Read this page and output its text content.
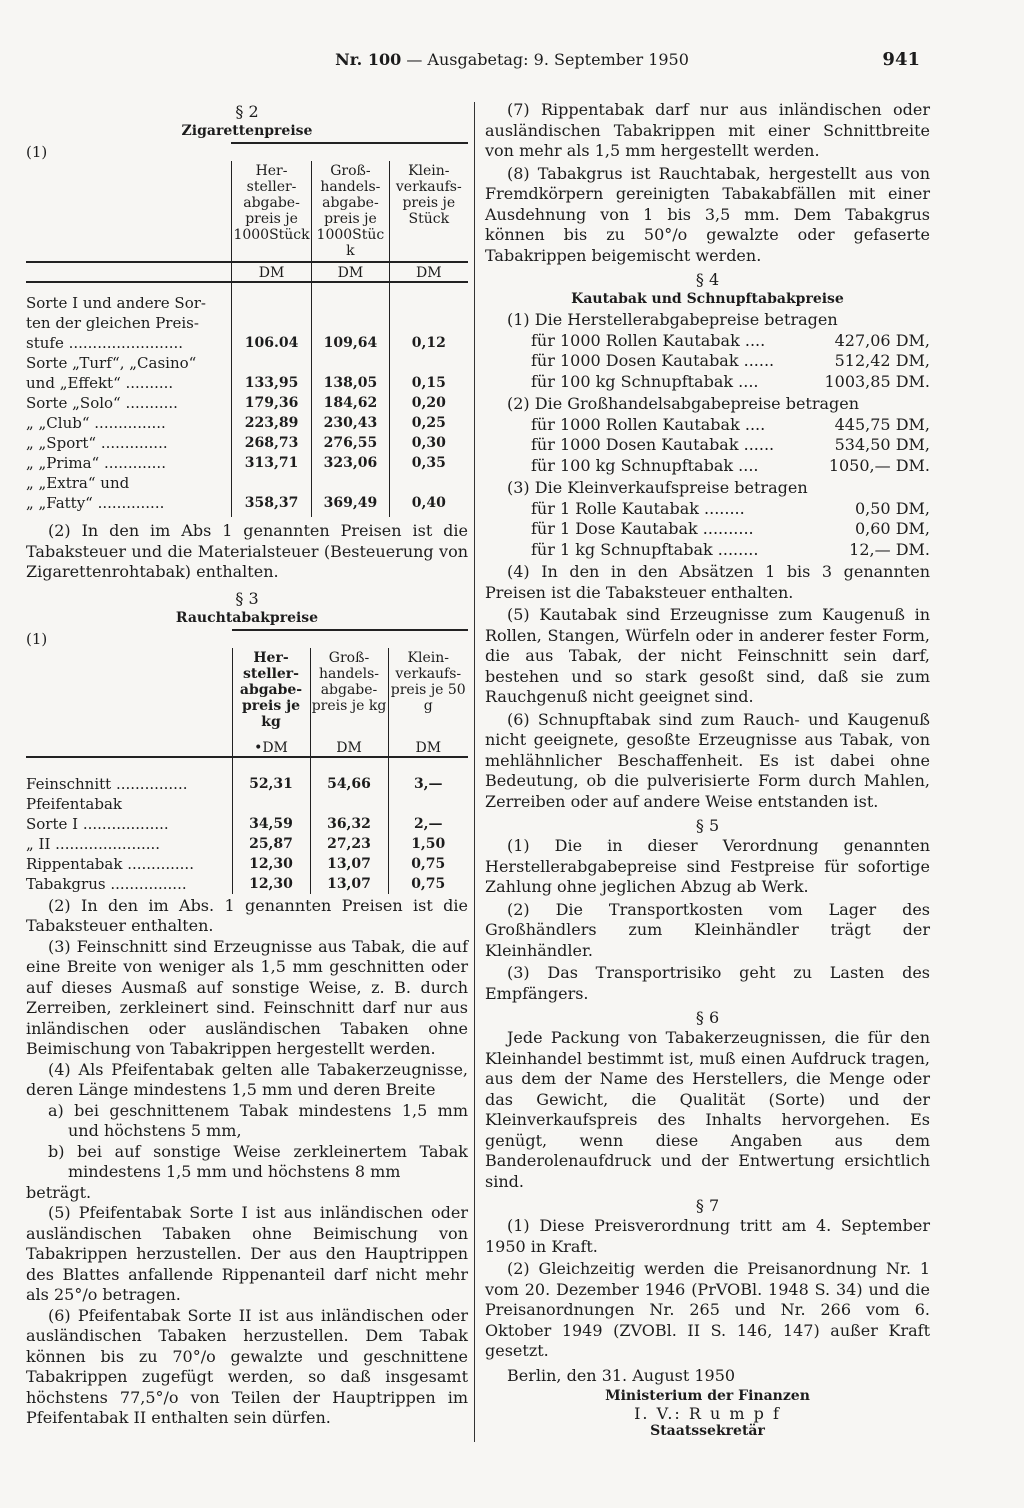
Nr. 100 — Ausgabetag: 9. September 1950	941
§ 2
Zigarettenpreise
(1)			
	Her-steller-abgabe-preis je 1000Stück	Groß-handels-abgabe-preis je 1000Stück	Klein-verkaufs-preis je Stück
	DM	DM	DM

Sorte I und andere Sor-			
ten der gleichen Preis-			
stufe ........................	106.04	109,64	0,12
Sorte „Turf“, „Casino“			
und „Effekt“ ..........	133,95	138,05	0,15
Sorte „Solo“ ...........	179,36	184,62	0,20
„ „Club“ ...............	223,89	230,43	0,25
„ „Sport“ ..............	268,73	276,55	0,30
„ „Prima“ .............	313,71	323,06	0,35
„ „Extra“ und			
„ „Fatty“ ..............	358,37	369,49	0,40

(2) In den im Abs 1 genannten Preisen ist die Tabaksteuer und die Materialsteuer (Besteuerung von Zigarettenrohtabak) enthalten.

§ 3
Rauchtabakpreise
(1)			
	Her-steller-abgabe-preis je kg	Groß-handels-abgabe-preis je kg	Klein-verkaufs-preis je 50 g
	•DM	DM	DM

Feinschnitt ...............	52,31	54,66	3,—
Pfeifentabak			
Sorte I ..................	34,59	36,32	2,—
„ II ......................	25,87	27,23	1,50
Rippentabak ..............	12,30	13,07	0,75
Tabakgrus ................	12,30	13,07	0,75

(2) In den im Abs. 1 genannten Preisen ist die Tabaksteuer enthalten.

(3) Feinschnitt sind Erzeugnisse aus Tabak, die auf eine Breite von weniger als 1,5 mm geschnitten oder auf dieses Ausmaß auf sonstige Weise, z. B. durch Zerreiben, zerkleinert sind. Feinschnitt darf nur aus inländischen oder ausländischen Tabaken ohne Beimischung von Tabakrippen hergestellt werden.

(4) Als Pfeifentabak gelten alle Tabakerzeugnisse, deren Länge mindestens 1,5 mm und deren Breite

a) bei geschnittenem Tabak mindestens 1,5 mm und höchstens 5 mm,

b) bei auf sonstige Weise zerkleinertem Tabak mindestens 1,5 mm und höchstens 8 mm

beträgt.

(5) Pfeifentabak Sorte I ist aus inländischen oder ausländischen Tabaken ohne Beimischung von Tabakrippen herzustellen. Der aus den Hauptrippen des Blattes anfallende Rippenanteil darf nicht mehr als 25°/o betragen.

(6) Pfeifentabak Sorte II ist aus inländischen oder ausländischen Tabaken herzustellen. Dem Tabak können bis zu 70°/o gewalzte und geschnittene Tabakrippen zugefügt werden, so daß insgesamt höchstens 77,5°/o von Teilen der Hauptrippen im Pfeifentabak II enthalten sein dürfen.

(7) Rippentabak darf nur aus inländischen oder ausländischen Tabakrippen mit einer Schnittbreite von mehr als 1,5 mm hergestellt werden.

(8) Tabakgrus ist Rauchtabak, hergestellt aus von Fremdkörpern gereinigten Tabakabfällen mit einer Ausdehnung von 1 bis 3,5 mm. Dem Tabakgrus können bis zu 50°/o gewalzte oder gefaserte Tabakrippen beigemischt werden.

§ 4
Kautabak und Schnupftabakpreise

(1) Die Herstellerabgabepreise betragen

für 1000 Rollen Kautabak ....	427,06 DM,
für 1000 Dosen Kautabak ......	512,42 DM,
für 100 kg Schnupftabak ....	1003,85 DM.

(2) Die Großhandelsabgabepreise betragen

für 1000 Rollen Kautabak ....	445,75 DM,
für 1000 Dosen Kautabak ......	534,50 DM,
für 100 kg Schnupftabak ....	1050,— DM.

(3) Die Kleinverkaufspreise betragen

für 1 Rolle Kautabak ........	0,50 DM,
für 1 Dose Kautabak ..........	0,60 DM,
für 1 kg Schnupftabak ........	12,— DM.

(4) In den in den Absätzen 1 bis 3 genannten Preisen ist die Tabaksteuer enthalten.

(5) Kautabak sind Erzeugnisse zum Kaugenuß in Rollen, Stangen, Würfeln oder in anderer fester Form, die aus Tabak, der nicht Feinschnitt sein darf, bestehen und so stark gesoßt sind, daß sie zum Rauchgenuß nicht geeignet sind.

(6) Schnupftabak sind zum Rauch- und Kaugenuß nicht geeignete, gesoßte Erzeugnisse aus Tabak, von mehlähnlicher Beschaffenheit. Es ist dabei ohne Bedeutung, ob die pulverisierte Form durch Mahlen, Zerreiben oder auf andere Weise entstanden ist.

§ 5

(1) Die in dieser Verordnung genannten Herstellerabgabepreise sind Festpreise für sofortige Zahlung ohne jeglichen Abzug ab Werk.

(2) Die Transportkosten vom Lager des Großhändlers zum Kleinhändler trägt der Kleinhändler.

(3) Das Transportrisiko geht zu Lasten des Empfängers.

§ 6

Jede Packung von Tabakerzeugnissen, die für den Kleinhandel bestimmt ist, muß einen Aufdruck tragen, aus dem der Name des Herstellers, die Menge oder das Gewicht, die Qualität (Sorte) und der Kleinverkaufspreis des Inhalts hervorgehen. Es genügt, wenn diese Angaben aus dem Banderolenaufdruck und der Entwertung ersichtlich sind.

§ 7

(1) Diese Preisverordnung tritt am 4. September 1950 in Kraft.

(2) Gleichzeitig werden die Preisanordnung Nr. 1 vom 20. Dezember 1946 (PrVOBl. 1948 S. 34) und die Preisanordnungen Nr. 265 und Nr. 266 vom 6. Oktober 1949 (ZVOBl. II S. 146, 147) außer Kraft gesetzt.

Berlin, den 31. August 1950

Ministerium der Finanzen
I. V.: R u m p f
Staatssekretär
